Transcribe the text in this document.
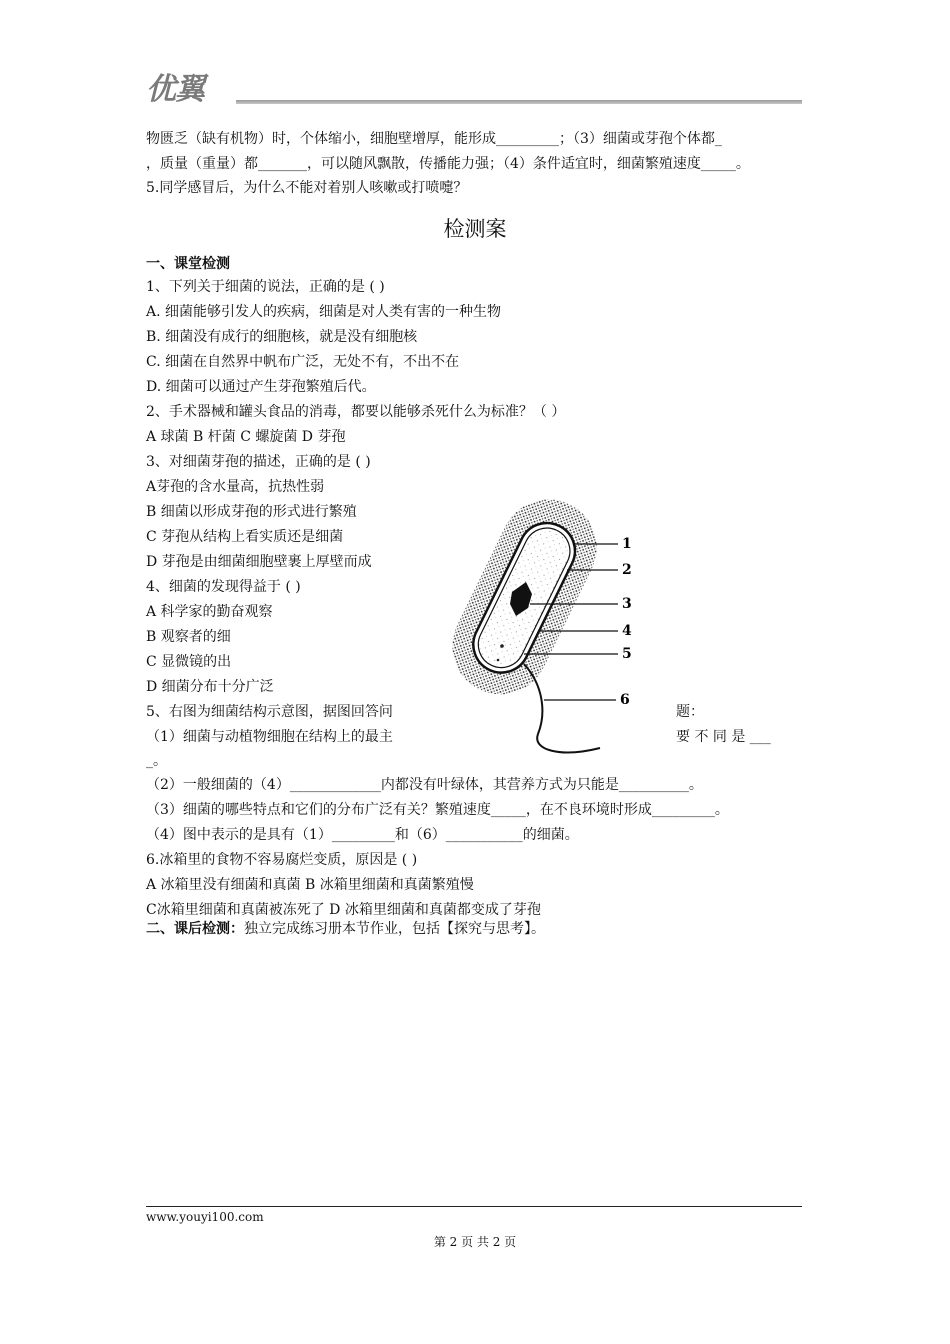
优翼
物匮乏（缺有机物）时，个体缩小，细胞壁增厚，能形成_________；（3）细菌或芽孢个体都_
，质量（重量）都_______，可以随风飘散，传播能力强；（4）条件适宜时，细菌繁殖速度_____。
5.同学感冒后，为什么不能对着别人咳嗽或打喷嚏？
检测案
一、课堂检测
1、下列关于细菌的说法，正确的是 ( )
A. 细菌能够引发人的疾病，细菌是对人类有害的一种生物
B. 细菌没有成行的细胞核，就是没有细胞核
C. 细菌在自然界中帆布广泛，无处不有，不出不在
D. 细菌可以通过产生芽孢繁殖后代。
2、手术器械和罐头食品的消毒，都要以能够杀死什么为标准？（ ）
A 球菌 B 杆菌 C 螺旋菌 D 芽孢
3、对细菌芽孢的描述，正确的是 ( )
A芽孢的含水量高，抗热性弱
B 细菌以形成芽孢的形式进行繁殖
C 芽孢从结构上看实质还是细菌
D 芽孢是由细菌细胞壁裹上厚壁而成
4、细菌的发现得益于 ( )
A 科学家的勤奋观察
B 观察者的细
C 显微镜的出
D 细菌分布十分广泛
5、右图为细菌结构示意图，据图回答问
（1）细菌与动植物细胞在结构上的最主
题：
要 不 同 是 ___
_。
（2）一般细菌的（4）_____________内都没有叶绿体，其营养方式为只能是__________。
（3）细菌的哪些特点和它们的分布广泛有关？繁殖速度_____，在不良环境时形成_________。
（4）图中表示的是具有（1）_________和（6）___________的细菌。
6.冰箱里的食物不容易腐烂变质，原因是 ( )
A 冰箱里没有细菌和真菌 B 冰箱里细菌和真菌繁殖慢
C冰箱里细菌和真菌被冻死了 D 冰箱里细菌和真菌都变成了芽孢
二、课后检测：独立完成练习册本节作业，包括【探究与思考】。
1
2
3
4
5
6
www.youyi100.com
第 2 页 共 2 页
